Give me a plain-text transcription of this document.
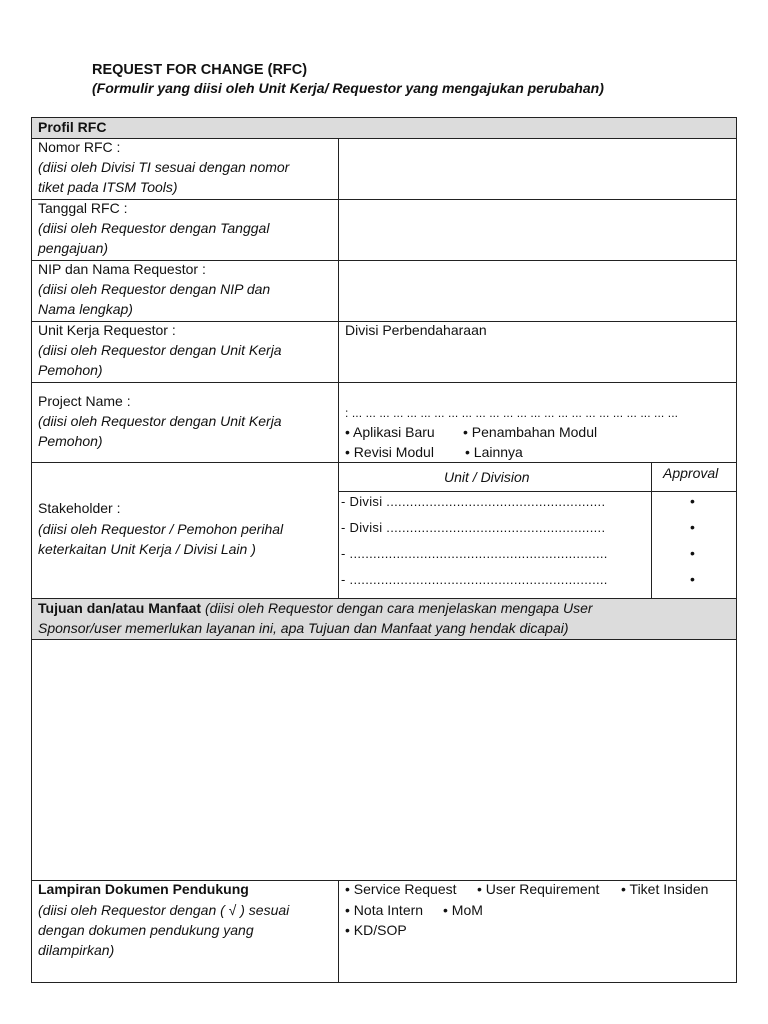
REQUEST FOR CHANGE (RFC)
(Formulir yang diisi oleh Unit Kerja/ Requestor yang mengajukan perubahan)
Profil RFC
Nomor RFC :
(diisi oleh Divisi TI sesuai dengan nomor
tiket pada ITSM Tools)
Tanggal RFC :
(diisi oleh Requestor dengan Tanggal
pengajuan)
NIP dan Nama Requestor :
(diisi oleh Requestor dengan NIP dan
Nama lengkap)
Unit Kerja Requestor :
(diisi oleh Requestor dengan Unit Kerja
Pemohon)
Divisi Perbendaharaan
Project Name :
(diisi oleh Requestor dengan Unit Kerja
Pemohon)
: ... ... ... ... ... ... ... ... ... ... ... ... ... ... ... ... ... ... ... ... ... ... ... ...
• Aplikasi Baru • Penambahan Modul
• Revisi Modul • Lainnya
Stakeholder :
(diisi oleh Requestor / Pemohon perihal
keterkaitan Unit Kerja / Divisi Lain )
Unit / Division	Approval
- Divisi ........................................................
- Divisi ........................................................
- ..................................................................
- ..................................................................
•
•
•
•
Tujuan dan/atau Manfaat (diisi oleh Requestor dengan cara menjelaskan mengapa User
Sponsor/user memerlukan layanan ini, apa Tujuan dan Manfaat yang hendak dicapai)
Lampiran Dokumen Pendukung
(diisi oleh Requestor dengan ( √ ) sesuai
dengan dokumen pendukung yang
dilampirkan)
• Service Request • User Requirement • Tiket Insiden
• Nota Intern • MoM
• KD/SOP
